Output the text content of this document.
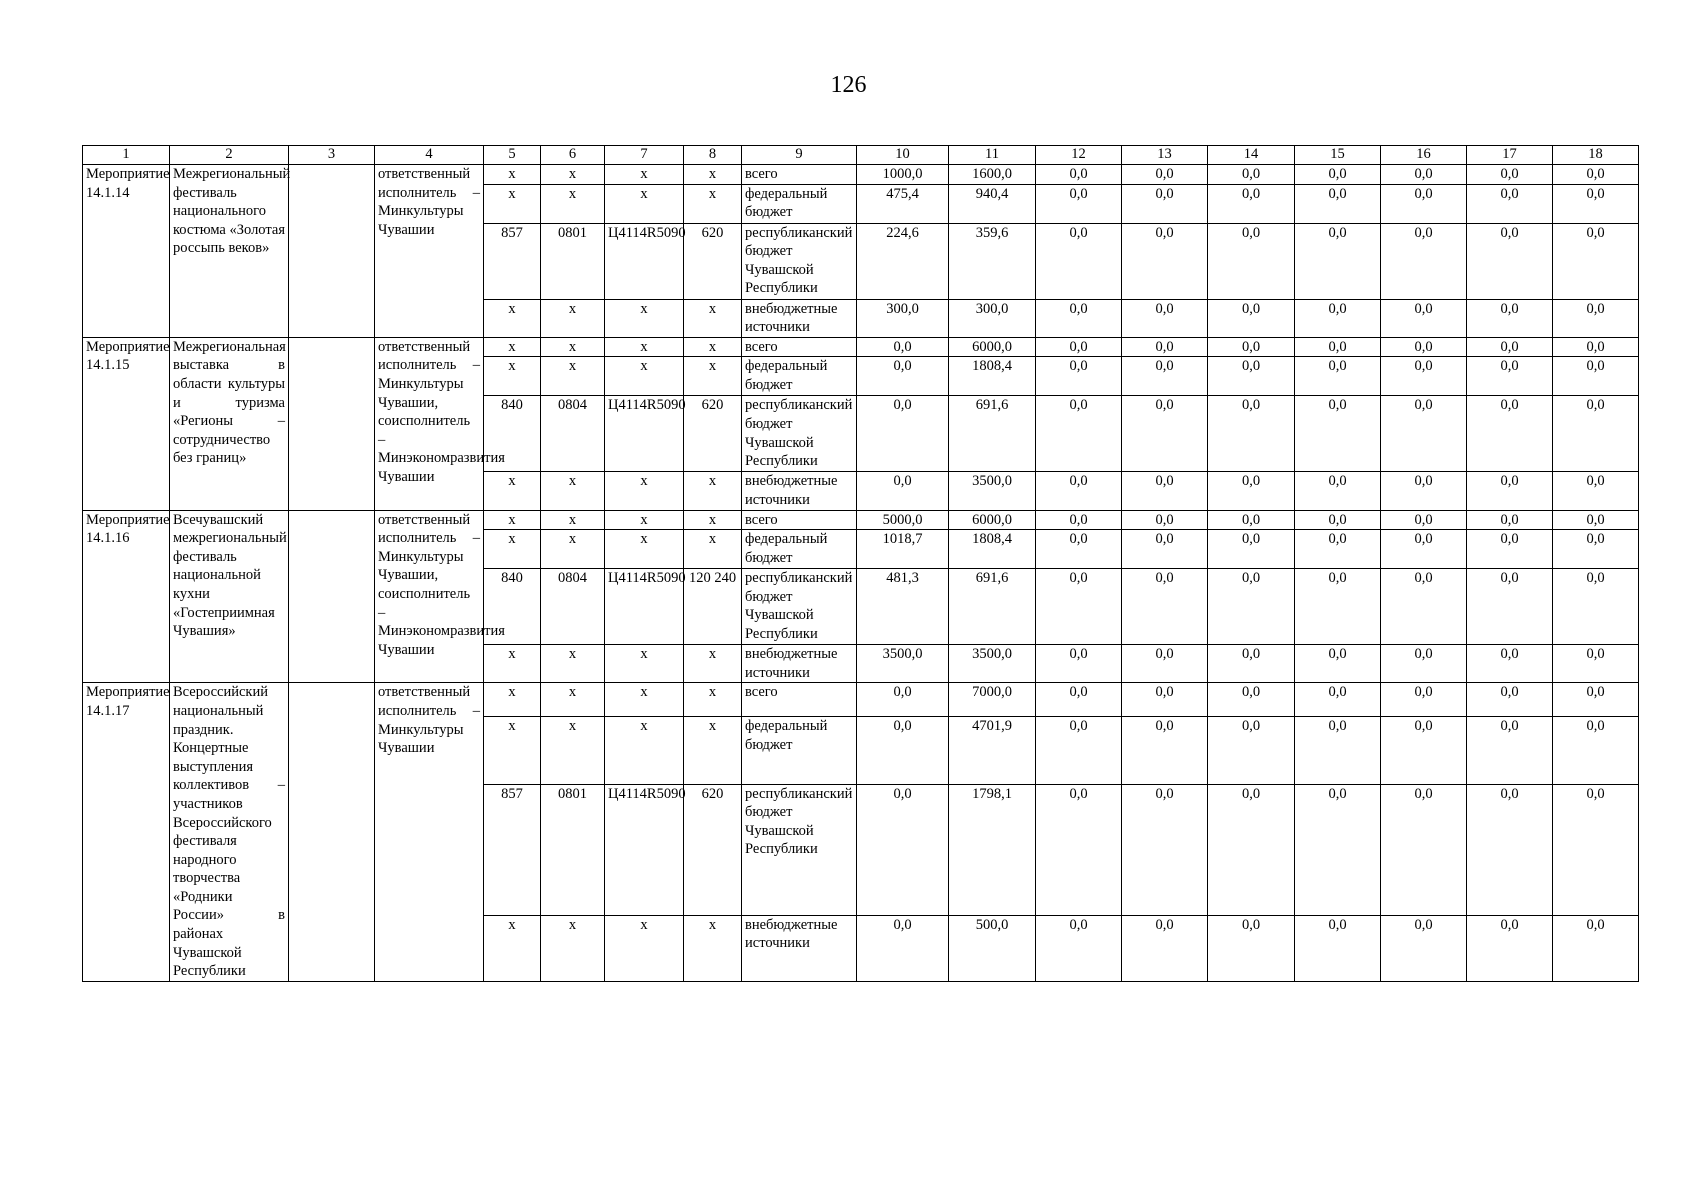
126
1	2	3	4	5	6	7	8	9	10	11	12	13	14	15	16	17	18
Мероприятие 14.1.14	Межрегиональный фестиваль национального костюма «Золотая россыпь веков»		ответственный исполнитель – Минкультуры Чувашии	x	x	x	x	всего	1000,0	1600,0	0,0	0,0	0,0	0,0	0,0	0,0	0,0
				x	x	x	x	федеральный бюджет	475,4	940,4	0,0	0,0	0,0	0,0	0,0	0,0	0,0
				857	0801	Ц4114R5090	620	республиканский бюджет Чувашской Республики	224,6	359,6	0,0	0,0	0,0	0,0	0,0	0,0	0,0
				x	x	x	x	внебюджетные источники	300,0	300,0	0,0	0,0	0,0	0,0	0,0	0,0	0,0
Мероприятие 14.1.15	Межрегиональная выставка в области культуры и туризма «Регионы – сотрудничество без границ»		ответственный исполнитель – Минкультуры Чувашии, соисполнитель – Минэкономразвития Чувашии	x	x	x	x	всего	0,0	6000,0	0,0	0,0	0,0	0,0	0,0	0,0	0,0
				x	x	x	x	федеральный бюджет	0,0	1808,4	0,0	0,0	0,0	0,0	0,0	0,0	0,0
				840	0804	Ц4114R5090	620	республиканский бюджет Чувашской Республики	0,0	691,6	0,0	0,0	0,0	0,0	0,0	0,0	0,0
				x	x	x	x	внебюджетные источники	0,0	3500,0	0,0	0,0	0,0	0,0	0,0	0,0	0,0
Мероприятие 14.1.16	Всечувашский межрегиональный фестиваль национальной кухни «Гостеприимная Чувашия»		ответственный исполнитель – Минкультуры Чувашии, соисполнитель – Минэкономразвития Чувашии	x	x	x	x	всего	5000,0	6000,0	0,0	0,0	0,0	0,0	0,0	0,0	0,0
				x	x	x	x	федеральный бюджет	1018,7	1808,4	0,0	0,0	0,0	0,0	0,0	0,0	0,0
				840	0804	Ц4114R5090	120 240	республиканский бюджет Чувашской Республики	481,3	691,6	0,0	0,0	0,0	0,0	0,0	0,0	0,0
				x	x	x	x	внебюджетные источники	3500,0	3500,0	0,0	0,0	0,0	0,0	0,0	0,0	0,0
Мероприятие 14.1.17	Всероссийский национальный праздник. Концертные выступления коллективов – участников Всероссийского фестиваля народного творчества «Родники России» в районах Чувашской Республики		ответственный исполнитель – Минкультуры Чувашии	x	x	x	x	всего	0,0	7000,0	0,0	0,0	0,0	0,0	0,0	0,0	0,0
				x	x	x	x	федеральный бюджет	0,0	4701,9	0,0	0,0	0,0	0,0	0,0	0,0	0,0
				857	0801	Ц4114R5090	620	республиканский бюджет Чувашской Республики	0,0	1798,1	0,0	0,0	0,0	0,0	0,0	0,0	0,0
				x	x	x	x	внебюджетные источники	0,0	500,0	0,0	0,0	0,0	0,0	0,0	0,0	0,0
